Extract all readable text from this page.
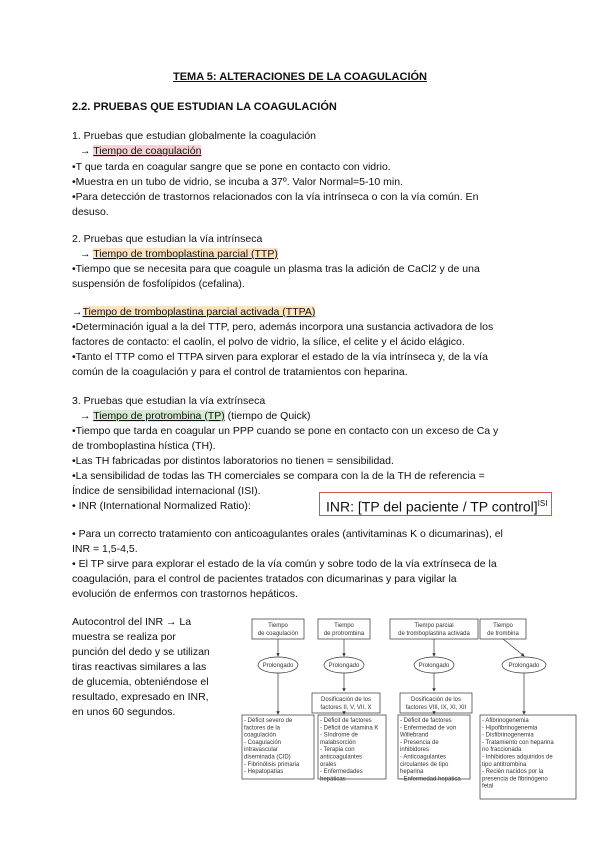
TEMA 5: ALTERACIONES DE LA COAGULACIÓN
2.2. PRUEBAS QUE ESTUDIAN LA COAGULACIÓN
1. Pruebas que estudian globalmente la coagulación
→ Tiempo de coagulación
•T que tarda en coagular sangre que se pone en contacto con vidrio.
•Muestra en un tubo de vidrio, se incuba a 37º. Valor Normal=5-10 min.
•Para detección de trastornos relacionados con la vía intrínseca o con la vía común. En
desuso.
2. Pruebas que estudian la vía intrínseca
→ Tiempo de tromboplastina parcial (TTP)
•Tiempo que se necesita para que coagule un plasma tras la adición de CaCl2 y de una
suspensión de fosfolípidos (cefalina).
→Tiempo de tromboplastina parcial activada (TTPA)
•Determinación igual a la del TTP, pero, además incorpora una sustancia activadora de los
factores de contacto: el caolín, el polvo de vidrio, la sílice, el celite y el ácido elágico.
•Tanto el TTP como el TTPA sirven para explorar el estado de la vía intrínseca y, de la vía
común de la coagulación y para el control de tratamientos con heparina.
3. Pruebas que estudian la vía extrínseca
→ Tiempo de protrombina (TP) (tiempo de Quick)
•Tiempo que tarda en coagular un PPP cuando se pone en contacto con un exceso de Ca y
de tromboplastina hística (TH).
•Las TH fabricadas por distintos laboratorios no tienen = sensibilidad.
•La sensibilidad de todas las TH comerciales se compara con la de la TH de referencia =
Índice de sensibilidad internacional (ISI).
• INR (International Normalized Ratio):	INR: [TP del paciente / TP control]$^{ISI}$
• Para un correcto tratamiento con anticoagulantes orales (antivitaminas K o dicumarinas), el
INR = 1,5-4,5.
• El TP sirve para explorar el estado de la vía común y sobre todo de la vía extrínseca de la
coagulación, para el control de pacientes tratados con dicumarinas y para vigilar la
evolución de enfermos con trastornos hepáticos.
Autocontrol del INR → La
muestra se realiza por
punción del dedo y se utilizan
tiras reactivas similares a las
de glucemia, obteniéndose el
resultado, expresado en INR,
en unos 60 segundos.
Tiempo
de coagulación
Tiempo
de protrombina
Tiempo parcial
de tromboplastina activada
Tiempo
de trombina
Prolongado	Prolongado	Prolongado	Prolongado
Dosificación de los
factores II, V, VII, X
Dosificación de los
factores VIII, IX, XI, XII
- Déficit severo de
factores de la
coagulación
- Coagulación
intravascular
diseminada (CID)
- Fibrinólisis primaria
- Hepatopatías
- Déficit de factores
- Déficit de vitamina K
- Síndrome de
malabsorción
- Terapia con
anticoagulantes
orales
- Enfermedades
hepáticas
- Déficit de factores
- Enfermedad de von
Willebrand
- Presencia de
inhibidores
- Anticoagulantes
circulantes de tipo
heparina
- Enfermedad hepática
- Afibrinogenemia
- Hipofibrinogenemia
- Disfibrinogenemia
- Tratamiento con heparina
no fraccionada
- Inhibidores adquiridos de
tipo antitrombina
- Recién nacidos por la
presencia de fibrinógeno
fetal
